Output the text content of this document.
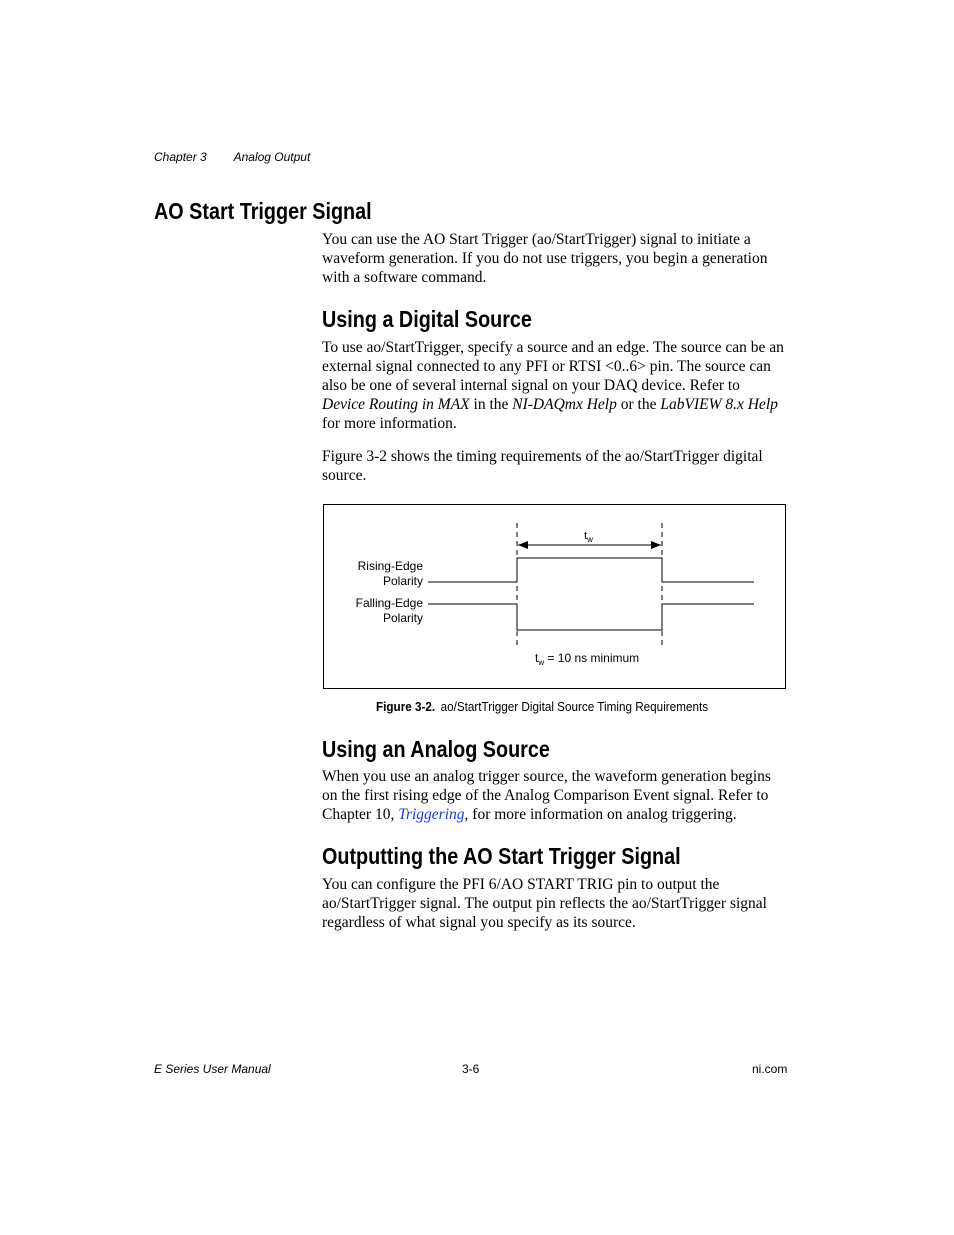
Chapter 3 Analog Output
AO Start Trigger Signal

You can use the AO Start Trigger (ao/StartTrigger) signal to initiate a waveform generation. If you do not use triggers, you begin a generation with a software command.

Using a Digital Source

To use ao/StartTrigger, specify a source and an edge. The source can be an external signal connected to any PFI or RTSI <0..6> pin. The source can also be one of several internal signal on your DAQ device. Refer to Device Routing in MAX in the NI-DAQmx Help or the LabVIEW 8.x Help for more information.

Figure 3-2 shows the timing requirements of the ao/StartTrigger digital source.

Rising-Edge
Polarity
Falling-Edge
Polarity
$t_w$
$t_w = 10$ ns minimum
Figure 3-2. ao/StartTrigger Digital Source Timing Requirements
Using an Analog Source

When you use an analog trigger source, the waveform generation begins on the first rising edge of the Analog Comparison Event signal. Refer to Chapter 10, Triggering, for more information on analog triggering.

Outputting the AO Start Trigger Signal

You can configure the PFI 6/AO START TRIG pin to output the ao/StartTrigger signal. The output pin reflects the ao/StartTrigger signal regardless of what signal you specify as its source.

E Series User Manual	3-6	ni.com
